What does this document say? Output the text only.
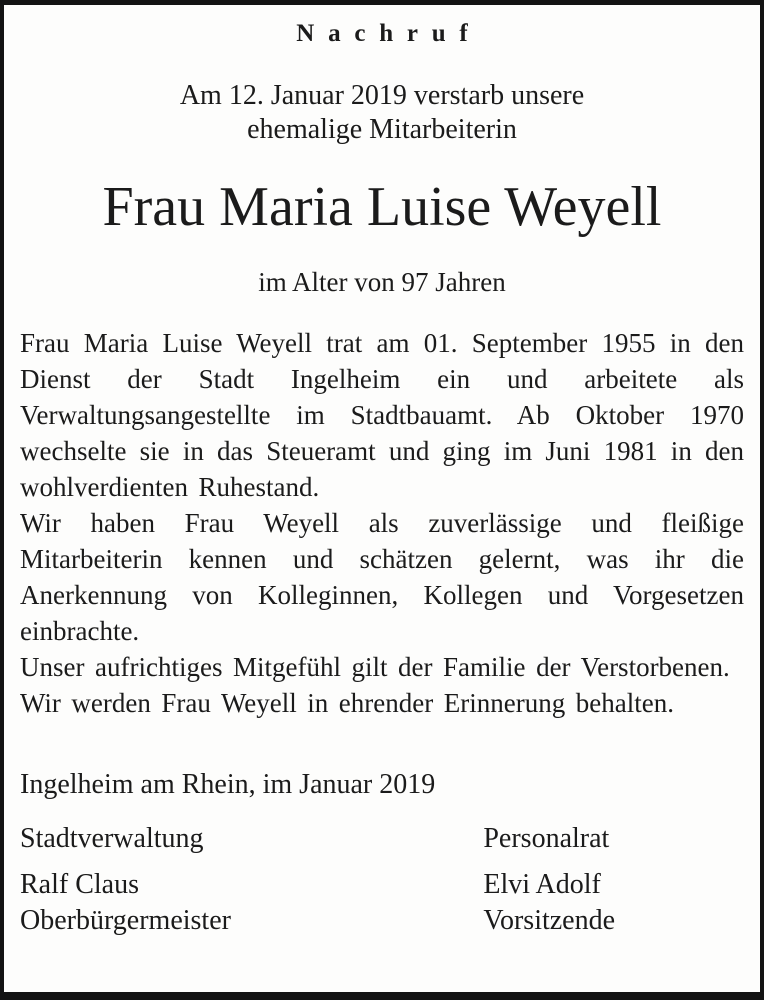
Nachruf
Am 12. Januar 2019 verstarb unsere
ehemalige Mitarbeiterin
Frau Maria Luise Weyell
im Alter von 97 Jahren

Frau Maria Luise Weyell trat am 01. September 1955 in den Dienst der Stadt Ingelheim ein und arbeitete als Verwaltungsangestellte im Stadtbauamt. Ab Oktober 1970 wechselte sie in das Steueramt und ging im Juni 1981 in den wohlverdienten Ruhestand.

Wir haben Frau Weyell als zuverlässige und fleißige Mitarbeiterin kennen und schätzen gelernt, was ihr die Anerkennung von Kolleginnen, Kollegen und Vorgesetzen einbrachte.

Unser aufrichtiges Mitgefühl gilt der Familie der Verstorbenen.

Wir werden Frau Weyell in ehrender Erinnerung behalten.

Ingelheim am Rhein, im Januar 2019
Stadtverwaltung	Personalrat
Ralf Claus	Elvi Adolf
Oberbürgermeister	Vorsitzende
